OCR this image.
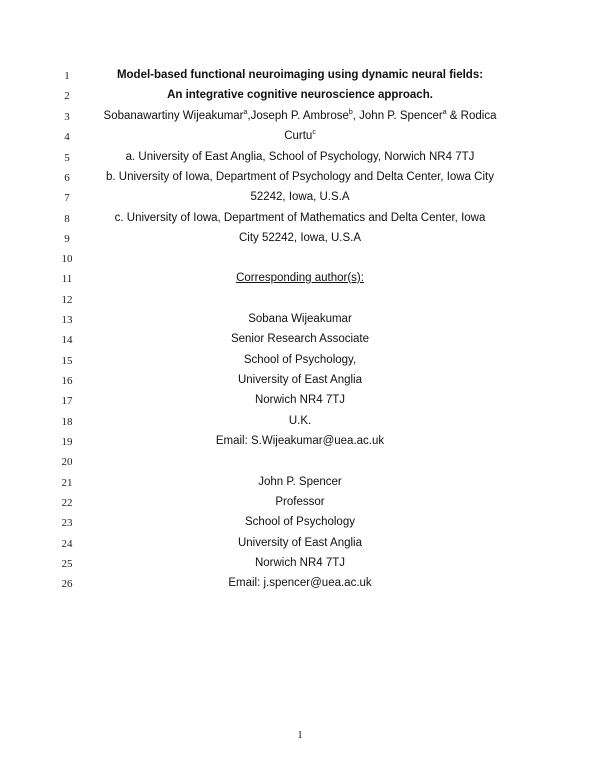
1	Model-based functional neuroimaging using dynamic neural fields:
2	An integrative cognitive neuroscience approach.
3	Sobanawartiny Wijeakumar$^a$,Joseph P. Ambrose$^b$, John P. Spencer$^a$ & Rodica
4	Curtu$^c$
5	a. University of East Anglia, School of Psychology, Norwich NR4 7TJ
6	b. University of Iowa, Department of Psychology and Delta Center, Iowa City
7	52242, Iowa, U.S.A
8	c. University of Iowa, Department of Mathematics and Delta Center, Iowa
9	City 52242, Iowa, U.S.A
10
11	Corresponding author(s):
12
13	Sobana Wijeakumar
14	Senior Research Associate
15	School of Psychology,
16	University of East Anglia
17	Norwich NR4 7TJ
18	U.K.
19	Email: S.Wijeakumar@uea.ac.uk
20
21	John P. Spencer
22	Professor
23	School of Psychology
24	University of East Anglia
25	Norwich NR4 7TJ
26	Email: j.spencer@uea.ac.uk
1
